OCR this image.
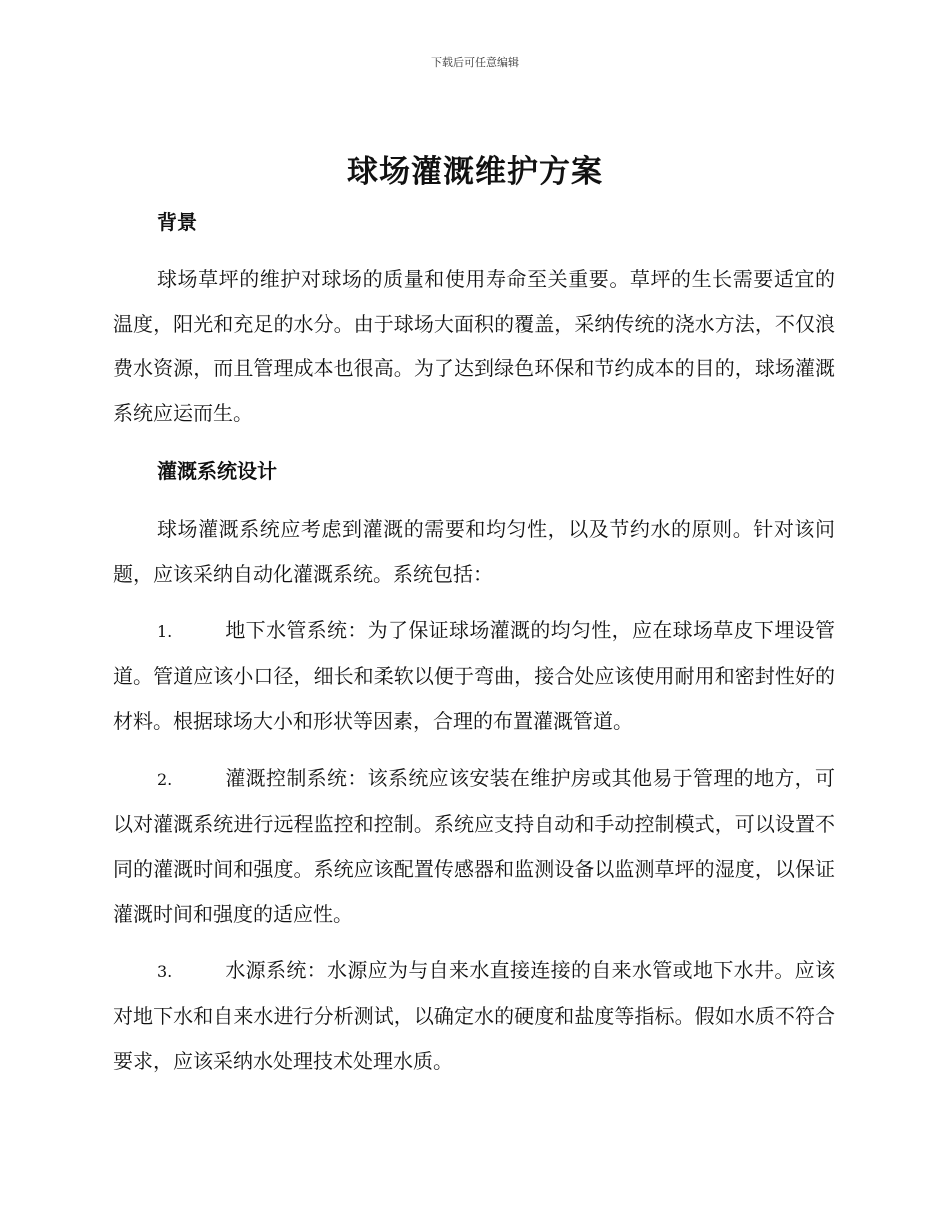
下载后可任意编辑
球场灌溉维护方案
背景

球场草坪的维护对球场的质量和使用寿命至关重要。草坪的生长需要适宜的温度，阳光和充足的水分。由于球场大面积的覆盖，采纳传统的浇水方法，不仅浪费水资源，而且管理成本也很高。为了达到绿色环保和节约成本的目的，球场灌溉系统应运而生。

灌溉系统设计

球场灌溉系统应考虑到灌溉的需要和均匀性，以及节约水的原则。针对该问题，应该采纳自动化灌溉系统。系统包括：

1.	地下水管系统：为了保证球场灌溉的均匀性，应在球场草皮下埋设管道。管道应该小口径，细长和柔软以便于弯曲，接合处应该使用耐用和密封性好的材料。根据球场大小和形状等因素，合理的布置灌溉管道。

2.	灌溉控制系统：该系统应该安装在维护房或其他易于管理的地方，可以对灌溉系统进行远程监控和控制。系统应支持自动和手动控制模式，可以设置不同的灌溉时间和强度。系统应该配置传感器和监测设备以监测草坪的湿度，以保证灌溉时间和强度的适应性。

3.	水源系统：水源应为与自来水直接连接的自来水管或地下水井。应该对地下水和自来水进行分析测试，以确定水的硬度和盐度等指标。假如水质不符合要求，应该采纳水处理技术处理水质。
